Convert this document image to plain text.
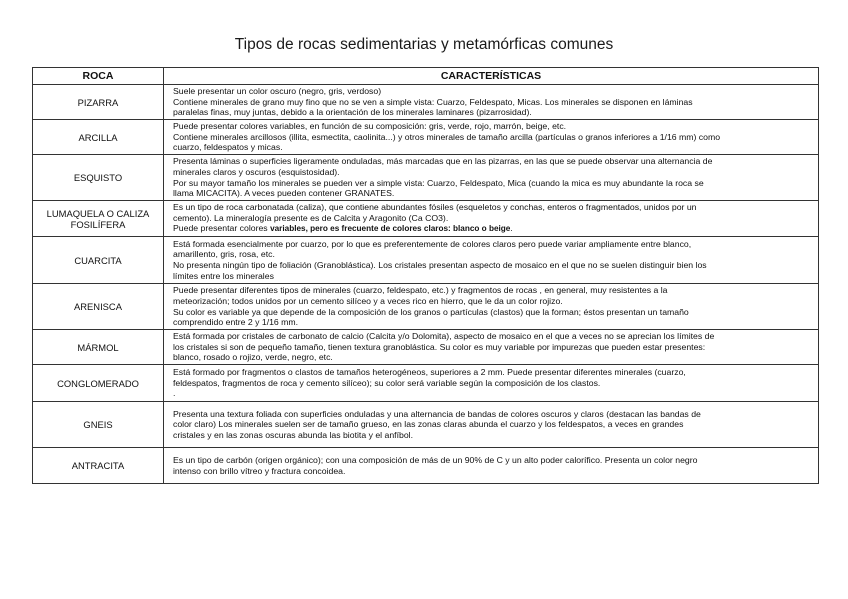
Tipos de rocas sedimentarias y metamórficas comunes
ROCA	CARACTERÍSTICAS
PIZARRA	Suele presentar un color oscuro (negro, gris, verdoso)
Contiene minerales de grano muy fino que no se ven a simple vista: Cuarzo, Feldespato, Micas. Los minerales se disponen en láminas
paralelas finas, muy juntas, debido a la orientación de los minerales laminares (pizarrosidad).

ARCILLA	Puede presentar colores variables, en función de su composición: gris, verde, rojo, marrón, beige, etc.
Contiene minerales arcillosos (illita, esmectita, caolinita...) y otros minerales de tamaño arcilla (partículas o granos inferiores a 1/16 mm) como
cuarzo, feldespatos y micas.

ESQUISTO	Presenta láminas o superficies ligeramente onduladas, más marcadas que en las pizarras, en las que se puede observar una alternancia de
minerales claros y oscuros (esquistosidad).
Por su mayor tamaño los minerales se pueden ver a simple vista: Cuarzo, Feldespato, Mica (cuando la mica es muy abundante la roca se
llama MICACITA). A veces pueden contener GRANATES.

LUMAQUELA O CALIZA
FOSILÍFERA	Es un tipo de roca carbonatada (caliza), que contiene abundantes fósiles (esqueletos y conchas, enteros o fragmentados, unidos por un
cemento). La mineralogía presente es de Calcita y Aragonito (Ca CO3).
Puede presentar colores variables, pero es frecuente de colores claros: blanco o beige.

CUARCITA	Está formada esencialmente por cuarzo, por lo que es preferentemente de colores claros pero puede variar ampliamente entre blanco,
amarillento, gris, rosa, etc.
No presenta ningún tipo de foliación (Granoblástica). Los cristales presentan aspecto de mosaico en el que no se suelen distinguir bien los
límites entre los minerales

ARENISCA	Puede presentar diferentes tipos de minerales (cuarzo, feldespato, etc.) y fragmentos de rocas , en general, muy resistentes a la
meteorización; todos unidos por un cemento silíceo y a veces rico en hierro, que le da un color rojizo.
Su color es variable ya que depende de la composición de los granos o partículas (clastos) que la forman; éstos presentan un tamaño
comprendido entre 2 y 1/16 mm.

MÁRMOL	Está formada por cristales de carbonato de calcio (Calcita y/o Dolomita), aspecto de mosaico en el que a veces no se aprecian los límites de
los cristales si son de pequeño tamaño, tienen textura granoblástica. Su color es muy variable por impurezas que pueden estar presentes:
blanco, rosado o rojizo, verde, negro, etc.

CONGLOMERADO	Está formado por fragmentos o clastos de tamaños heterogéneos, superiores a 2 mm. Puede presentar diferentes minerales (cuarzo,
feldespatos, fragmentos de roca y cemento silíceo); su color será variable según la composición de los clastos.
.

GNEIS	Presenta una textura foliada con superficies onduladas y una alternancia de bandas de colores oscuros y claros (destacan las bandas de
color claro) Los minerales suelen ser de tamaño grueso, en las zonas claras abunda el cuarzo y los feldespatos, a veces en grandes
cristales y en las zonas oscuras abunda las biotita y el anfíbol.

ANTRACITA	Es un tipo de carbón (origen orgánico); con una composición de más de un 90% de C y un alto poder calorífico. Presenta un color negro
intenso con brillo vítreo y fractura concoidea.
